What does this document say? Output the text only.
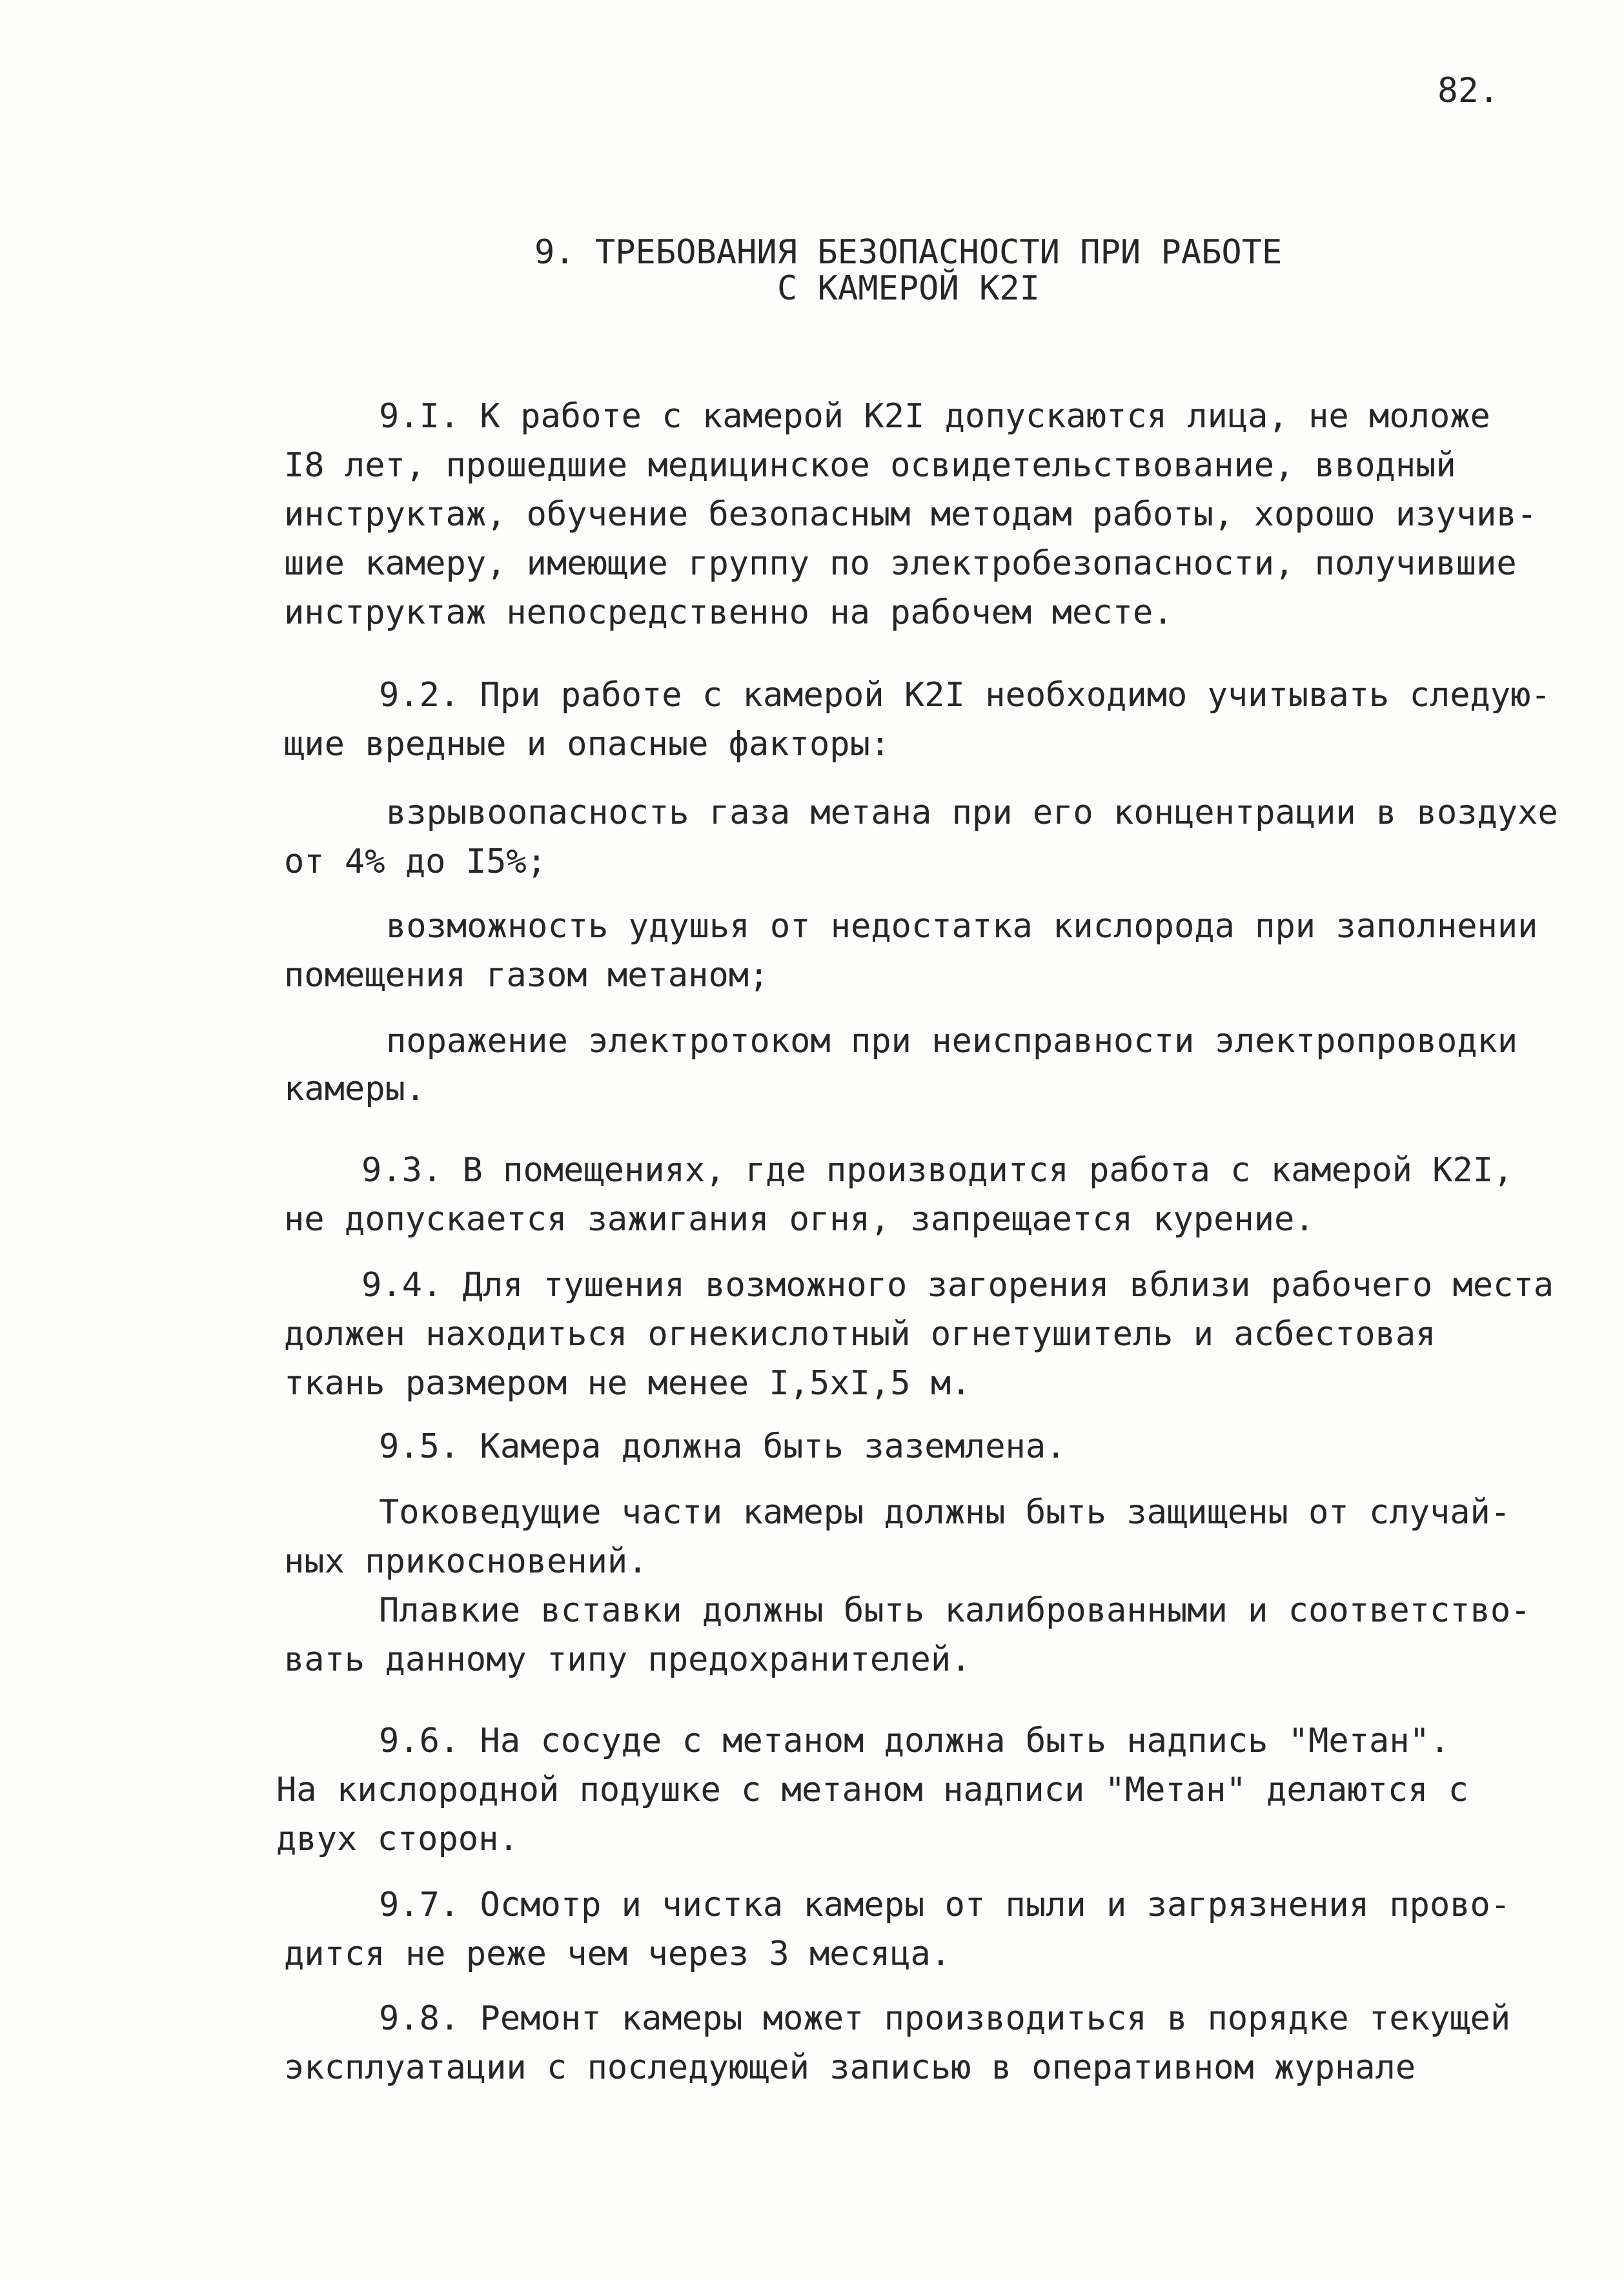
82.
9. ТРЕБОВАНИЯ БЕЗОПАСНОСТИ ПРИ РАБОТЕ
С КАМЕРОЙ К2I
9.I. К работе с камерой К2I допускаются лица, не моложе
I8 лет, прошедшие медицинское освидетельствование, вводный
инструктаж, обучение безопасным методам работы, хорошо изучив-
шие камеру, имеющие группу по электробезопасности, получившие
инструктаж непосредственно на рабочем месте.
9.2. При работе с камерой К2I необходимо учитывать следую-
щие вредные и опасные факторы:
взрывоопасность газа метана при его концентрации в воздухе
от 4% до I5%;
возможность удушья от недостатка кислорода при заполнении
помещения газом метаном;
поражение электротоком при неисправности электропроводки
камеры.
9.3. В помещениях, где производится работа с камерой К2I,
не допускается зажигания огня, запрещается курение.
9.4. Для тушения возможного загорения вблизи рабочего места
должен находиться огнекислотный огнетушитель и асбестовая
ткань размером не менее I,5хI,5 м.
9.5. Камера должна быть заземлена.
Токоведущие части камеры должны быть защищены от случай-
ных прикосновений.
Плавкие вставки должны быть калиброванными и соответство-
вать данному типу предохранителей.
9.6. На сосуде с метаном должна быть надпись "Метан".
На кислородной подушке с метаном надписи "Метан" делаются с
двух сторон.
9.7. Осмотр и чистка камеры от пыли и загрязнения прово-
дится не реже чем через 3 месяца.
9.8. Ремонт камеры может производиться в порядке текущей
эксплуатации с последующей записью в оперативном журнале
